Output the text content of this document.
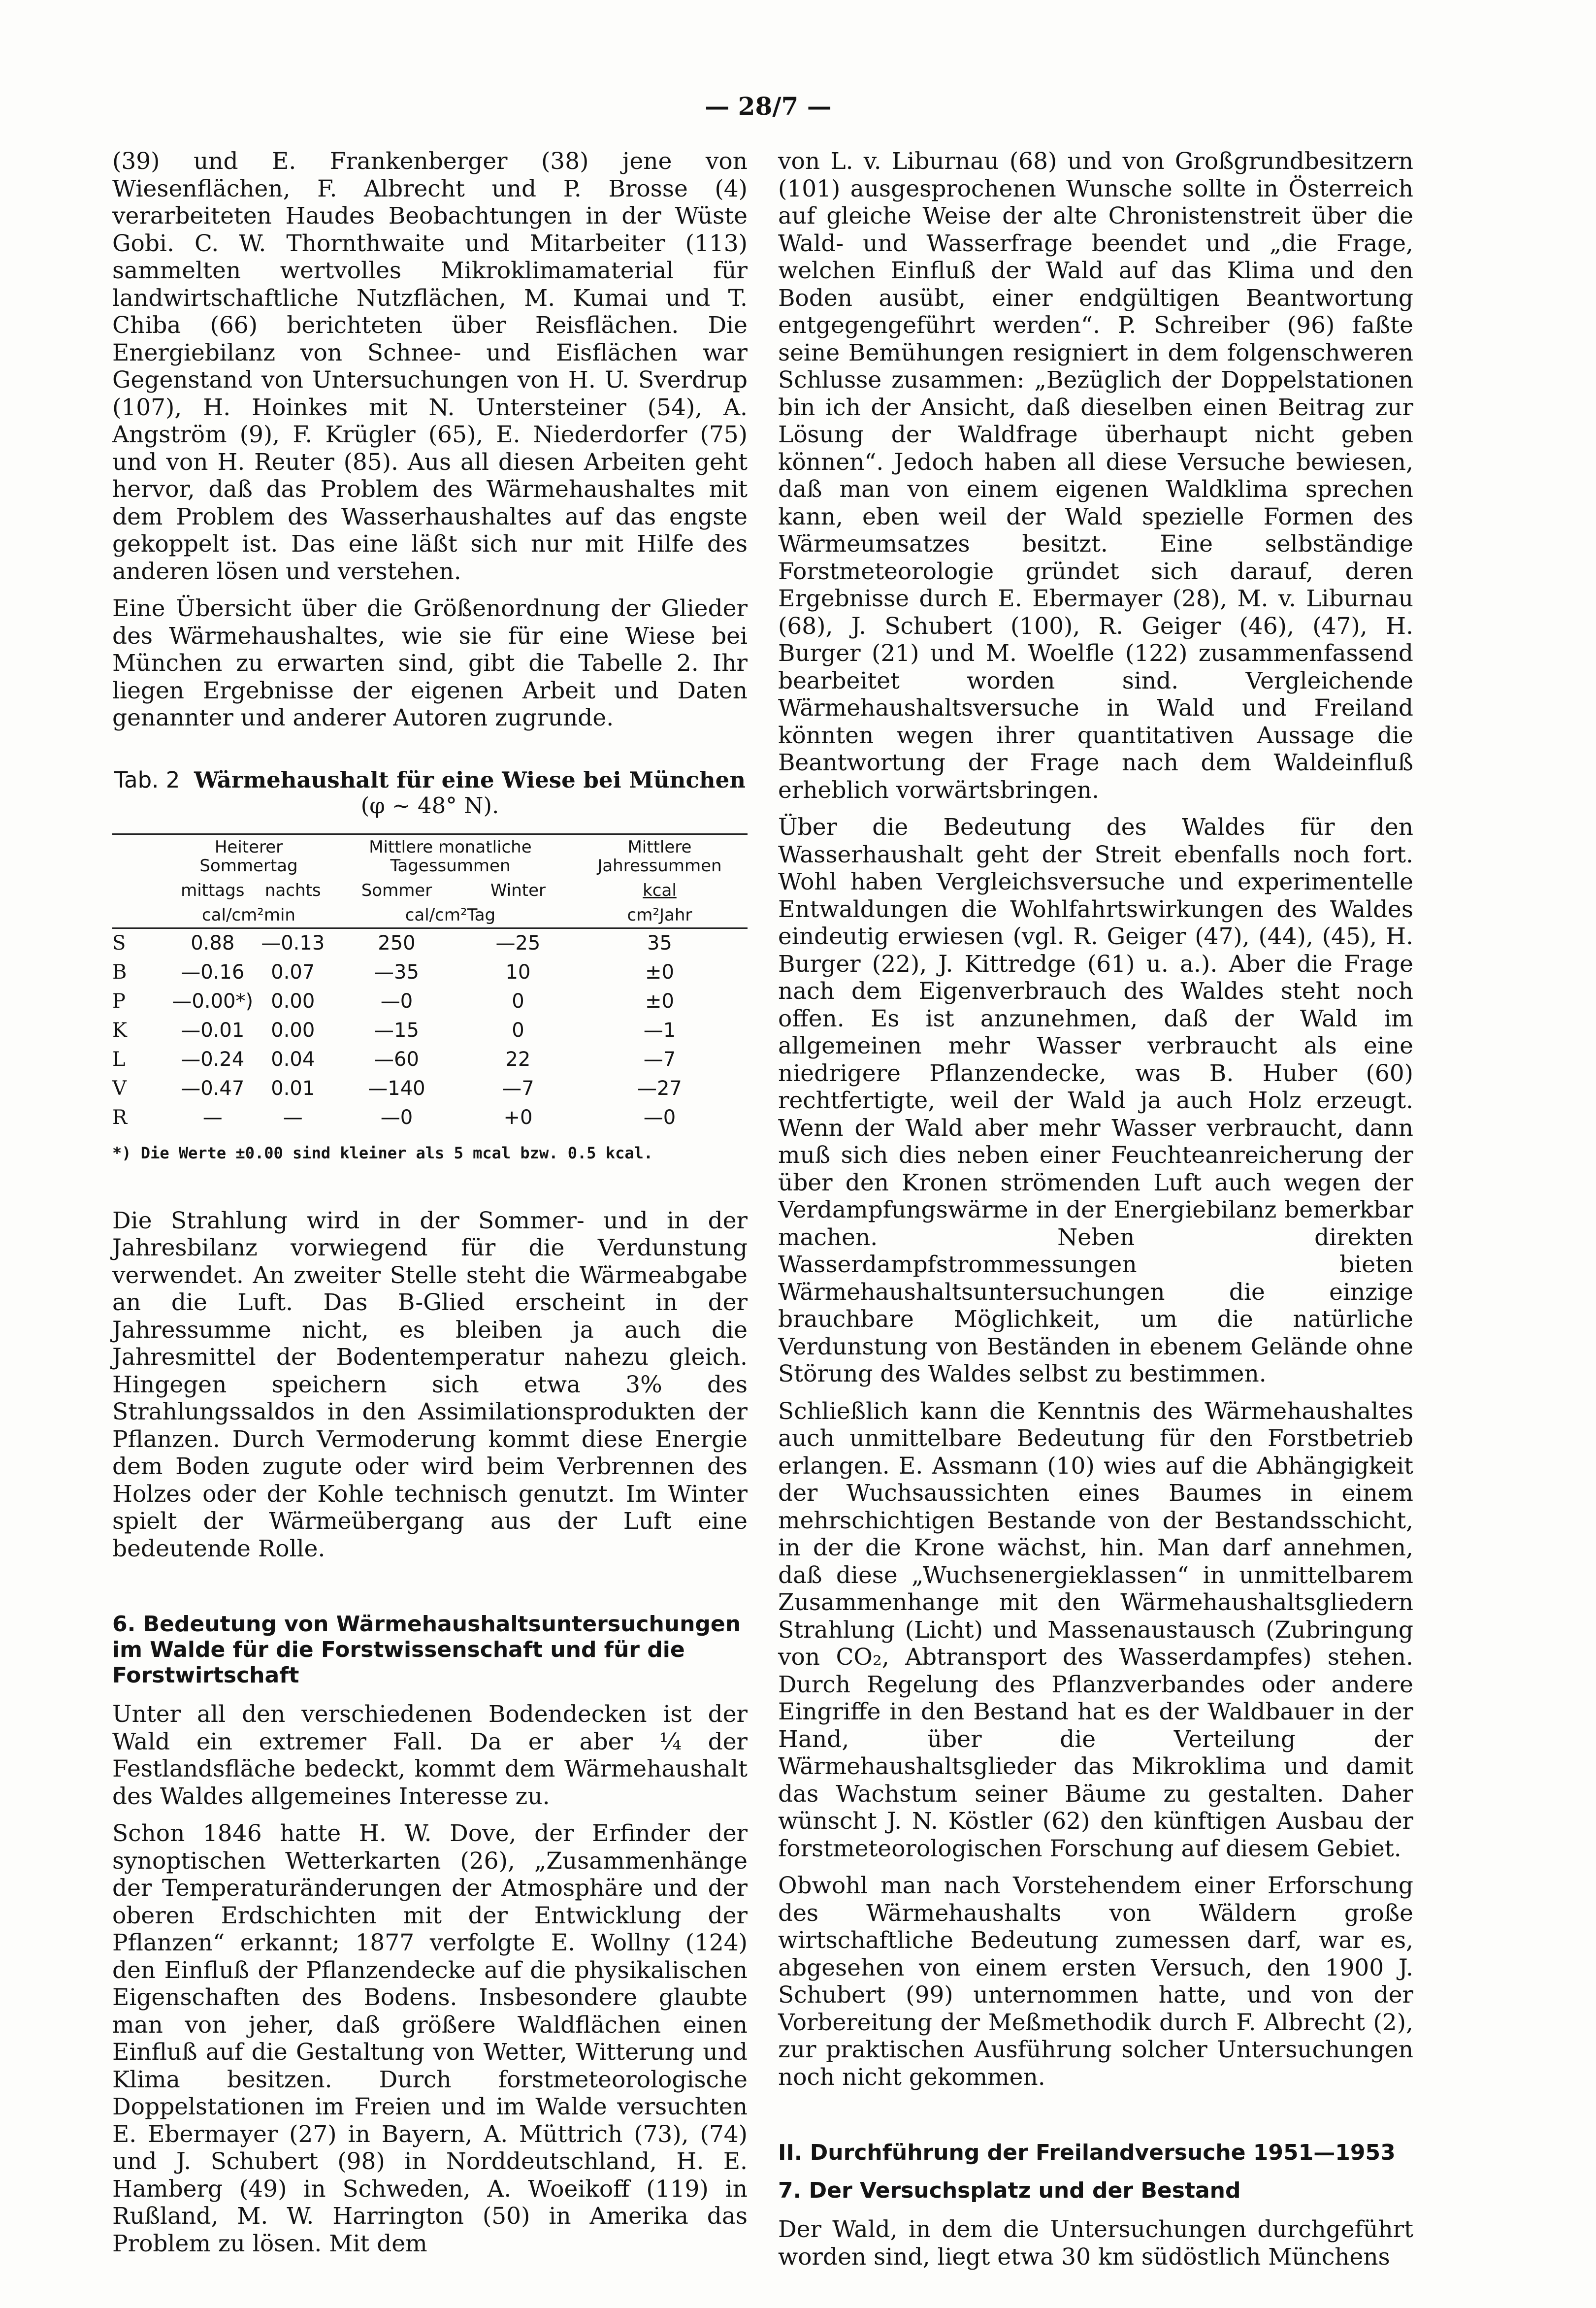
— 28/7 —

(39) und E. Frankenberger (38) jene von Wiesenflächen, F. Albrecht und P. Brosse (4) verarbeiteten Haudes Beobachtungen in der Wüste Gobi. C. W. Thornthwaite und Mitarbeiter (113) sammelten wertvolles Mikroklimamaterial für landwirtschaftliche Nutzflächen, M. Kumai und T. Chiba (66) berichteten über Reisflächen. Die Energiebilanz von Schnee- und Eisflächen war Gegenstand von Untersuchungen von H. U. Sverdrup (107), H. Hoinkes mit N. Untersteiner (54), A. Angström (9), F. Krügler (65), E. Niederdorfer (75) und von H. Reuter (85). Aus all diesen Arbeiten geht hervor, daß das Problem des Wärmehaushaltes mit dem Problem des Wasserhaushaltes auf das engste gekoppelt ist. Das eine läßt sich nur mit Hilfe des anderen lösen und verstehen.

Eine Übersicht über die Größenordnung der Glieder des Wärmehaushaltes, wie sie für eine Wiese bei München zu erwarten sind, gibt die Tabelle 2. Ihr liegen Ergebnisse der eigenen Arbeit und Daten genannter und anderer Autoren zugrunde.

Tab. 2 Wärmehaushalt für eine Wiese bei München
(φ ~ 48° N).
	Heiterer Sommertag		Mittlere monatliche Tagessummen		Mittlere Jahressummen
	mittags	nachts	Sommer	Winter	kcal
	cal/cm²min		cal/cm²Tag		cm²Jahr
S	0.88	—0.13	250	—25	35
B	—0.16	0.07	—35	10	±0
P	—0.00*)	0.00	—0	0	±0
K	—0.01	0.00	—15	0	—1
L	—0.24	0.04	—60	22	—7
V	—0.47	0.01	—140	—7	—27
R	—	—	—0	+0	—0
*) Die Werte ±0.00 sind kleiner als 5 mcal bzw. 0.5 kcal.

Die Strahlung wird in der Sommer- und in der Jahresbilanz vorwiegend für die Verdunstung verwendet. An zweiter Stelle steht die Wärmeabgabe an die Luft. Das B-Glied erscheint in der Jahressumme nicht, es bleiben ja auch die Jahresmittel der Bodentemperatur nahezu gleich. Hingegen speichern sich etwa 3% des Strahlungssaldos in den Assimilationsprodukten der Pflanzen. Durch Vermoderung kommt diese Energie dem Boden zugute oder wird beim Verbrennen des Holzes oder der Kohle technisch genutzt. Im Winter spielt der Wärmeübergang aus der Luft eine bedeutende Rolle.

6. Bedeutung von Wärmehaushaltsuntersuchungen im Walde für die Forstwissenschaft und für die Forstwirtschaft

Unter all den verschiedenen Bodendecken ist der Wald ein extremer Fall. Da er aber ¼ der Festlandsfläche bedeckt, kommt dem Wärmehaushalt des Waldes allgemeines Interesse zu.

Schon 1846 hatte H. W. Dove, der Erfinder der synoptischen Wetterkarten (26), „Zusammenhänge der Temperaturänderungen der Atmosphäre und der oberen Erdschichten mit der Entwicklung der Pflanzen“ erkannt; 1877 verfolgte E. Wollny (124) den Einfluß der Pflanzendecke auf die physikalischen Eigenschaften des Bodens. Insbesondere glaubte man von jeher, daß größere Waldflächen einen Einfluß auf die Gestaltung von Wetter, Witterung und Klima besitzen. Durch forstmeteorologische Doppelstationen im Freien und im Walde versuchten E. Ebermayer (27) in Bayern, A. Müttrich (73), (74) und J. Schubert (98) in Norddeutschland, H. E. Hamberg (49) in Schweden, A. Woeikoff (119) in Rußland, M. W. Harrington (50) in Amerika das Problem zu lösen. Mit dem

von L. v. Liburnau (68) und von Großgrundbesitzern (101) ausgesprochenen Wunsche sollte in Österreich auf gleiche Weise der alte Chronistenstreit über die Wald- und Wasserfrage beendet und „die Frage, welchen Einfluß der Wald auf das Klima und den Boden ausübt, einer endgültigen Beantwortung entgegengeführt werden“. P. Schreiber (96) faßte seine Bemühungen resigniert in dem folgenschweren Schlusse zusammen: „Bezüglich der Doppelstationen bin ich der Ansicht, daß dieselben einen Beitrag zur Lösung der Waldfrage überhaupt nicht geben können“. Jedoch haben all diese Versuche bewiesen, daß man von einem eigenen Waldklima sprechen kann, eben weil der Wald spezielle Formen des Wärmeumsatzes besitzt. Eine selbständige Forstmeteorologie gründet sich darauf, deren Ergebnisse durch E. Ebermayer (28), M. v. Liburnau (68), J. Schubert (100), R. Geiger (46), (47), H. Burger (21) und M. Woelfle (122) zusammenfassend bearbeitet worden sind. Vergleichende Wärmehaushaltsversuche in Wald und Freiland könnten wegen ihrer quantitativen Aussage die Beantwortung der Frage nach dem Waldeinfluß erheblich vorwärtsbringen.

Über die Bedeutung des Waldes für den Wasserhaushalt geht der Streit ebenfalls noch fort. Wohl haben Vergleichsversuche und experimentelle Entwaldungen die Wohlfahrtswirkungen des Waldes eindeutig erwiesen (vgl. R. Geiger (47), (44), (45), H. Burger (22), J. Kittredge (61) u. a.). Aber die Frage nach dem Eigenverbrauch des Waldes steht noch offen. Es ist anzunehmen, daß der Wald im allgemeinen mehr Wasser verbraucht als eine niedrigere Pflanzendecke, was B. Huber (60) rechtfertigte, weil der Wald ja auch Holz erzeugt. Wenn der Wald aber mehr Wasser verbraucht, dann muß sich dies neben einer Feuchteanreicherung der über den Kronen strömenden Luft auch wegen der Verdampfungswärme in der Energiebilanz bemerkbar machen. Neben direkten Wasserdampfstrommessungen bieten Wärmehaushaltsuntersuchungen die einzige brauchbare Möglichkeit, um die natürliche Verdunstung von Beständen in ebenem Gelände ohne Störung des Waldes selbst zu bestimmen.

Schließlich kann die Kenntnis des Wärmehaushaltes auch unmittelbare Bedeutung für den Forstbetrieb erlangen. E. Assmann (10) wies auf die Abhängigkeit der Wuchsaussichten eines Baumes in einem mehrschichtigen Bestande von der Bestandsschicht, in der die Krone wächst, hin. Man darf annehmen, daß diese „Wuchsenergieklassen“ in unmittelbarem Zusammenhange mit den Wärmehaushaltsgliedern Strahlung (Licht) und Massenaustausch (Zubringung von CO₂, Abtransport des Wasserdampfes) stehen. Durch Regelung des Pflanzverbandes oder andere Eingriffe in den Bestand hat es der Waldbauer in der Hand, über die Verteilung der Wärmehaushaltsglieder das Mikroklima und damit das Wachstum seiner Bäume zu gestalten. Daher wünscht J. N. Köstler (62) den künftigen Ausbau der forstmeteorologischen Forschung auf diesem Gebiet.

Obwohl man nach Vorstehendem einer Erforschung des Wärmehaushalts von Wäldern große wirtschaftliche Bedeutung zumessen darf, war es, abgesehen von einem ersten Versuch, den 1900 J. Schubert (99) unternommen hatte, und von der Vorbereitung der Meßmethodik durch F. Albrecht (2), zur praktischen Ausführung solcher Untersuchungen noch nicht gekommen.

II. Durchführung der Freilandversuche 1951—1953
7. Der Versuchsplatz und der Bestand

Der Wald, in dem die Untersuchungen durchgeführt worden sind, liegt etwa 30 km südöstlich Münchens
